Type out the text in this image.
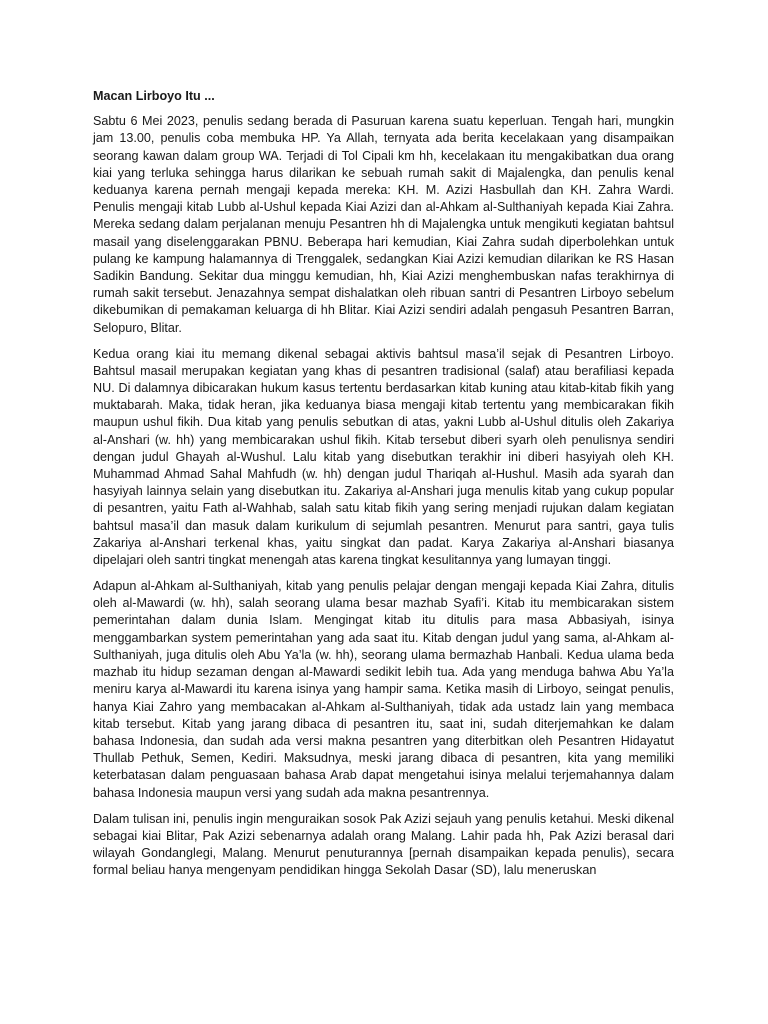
Macan Lirboyo Itu ...

Sabtu 6 Mei 2023, penulis sedang berada di Pasuruan karena suatu keperluan. Tengah hari, mungkin jam 13.00, penulis coba membuka HP. Ya Allah, ternyata ada berita kecelakaan yang disampaikan seorang kawan dalam group WA. Terjadi di Tol Cipali km hh, kecelakaan itu mengakibatkan dua orang kiai yang terluka sehingga harus dilarikan ke sebuah rumah sakit di Majalengka, dan penulis kenal keduanya karena pernah mengaji kepada mereka: KH. M. Azizi Hasbullah dan KH. Zahra Wardi. Penulis mengaji kitab Lubb al-Ushul kepada Kiai Azizi dan al-Ahkam al-Sulthaniyah kepada Kiai Zahra. Mereka sedang dalam perjalanan menuju Pesantren hh di Majalengka untuk mengikuti kegiatan bahtsul masail yang diselenggarakan PBNU. Beberapa hari kemudian, Kiai Zahra sudah diperbolehkan untuk pulang ke kampung halamannya di Trenggalek, sedangkan Kiai Azizi kemudian dilarikan ke RS Hasan Sadikin Bandung. Sekitar dua minggu kemudian, hh, Kiai Azizi menghembuskan nafas terakhirnya di rumah sakit tersebut. Jenazahnya sempat dishalatkan oleh ribuan santri di Pesantren Lirboyo sebelum dikebumikan di pemakaman keluarga di hh Blitar. Kiai Azizi sendiri adalah pengasuh Pesantren Barran, Selopuro, Blitar.

Kedua orang kiai itu memang dikenal sebagai aktivis bahtsul masa’il sejak di Pesantren Lirboyo. Bahtsul masail merupakan kegiatan yang khas di pesantren tradisional (salaf) atau berafiliasi kepada NU. Di dalamnya dibicarakan hukum kasus tertentu berdasarkan kitab kuning atau kitab-kitab fikih yang muktabarah. Maka, tidak heran, jika keduanya biasa mengaji kitab tertentu yang membicarakan fikih maupun ushul fikih. Dua kitab yang penulis sebutkan di atas, yakni Lubb al-Ushul ditulis oleh Zakariya al-Anshari (w. hh) yang membicarakan ushul fikih. Kitab tersebut diberi syarh oleh penulisnya sendiri dengan judul Ghayah al-Wushul. Lalu kitab yang disebutkan terakhir ini diberi hasyiyah oleh KH. Muhammad Ahmad Sahal Mahfudh (w. hh) dengan judul Thariqah al-Hushul. Masih ada syarah dan hasyiyah lainnya selain yang disebutkan itu. Zakariya al-Anshari juga menulis kitab yang cukup popular di pesantren, yaitu Fath al-Wahhab, salah satu kitab fikih yang sering menjadi rujukan dalam kegiatan bahtsul masa’il dan masuk dalam kurikulum di sejumlah pesantren. Menurut para santri, gaya tulis Zakariya al-Anshari terkenal khas, yaitu singkat dan padat. Karya Zakariya al-Anshari biasanya dipelajari oleh santri tingkat menengah atas karena tingkat kesulitannya yang lumayan tinggi.

Adapun al-Ahkam al-Sulthaniyah, kitab yang penulis pelajar dengan mengaji kepada Kiai Zahra, ditulis oleh al-Mawardi (w. hh), salah seorang ulama besar mazhab Syafi’i. Kitab itu membicarakan sistem pemerintahan dalam dunia Islam. Mengingat kitab itu ditulis para masa Abbasiyah, isinya menggambarkan system pemerintahan yang ada saat itu. Kitab dengan judul yang sama, al-Ahkam al-Sulthaniyah, juga ditulis oleh Abu Ya’la (w. hh), seorang ulama bermazhab Hanbali. Kedua ulama beda mazhab itu hidup sezaman dengan al-Mawardi sedikit lebih tua. Ada yang menduga bahwa Abu Ya’la meniru karya al-Mawardi itu karena isinya yang hampir sama. Ketika masih di Lirboyo, seingat penulis, hanya Kiai Zahro yang membacakan al-Ahkam al-Sulthaniyah, tidak ada ustadz lain yang membaca kitab tersebut. Kitab yang jarang dibaca di pesantren itu, saat ini, sudah diterjemahkan ke dalam bahasa Indonesia, dan sudah ada versi makna pesantren yang diterbitkan oleh Pesantren Hidayatut Thullab Pethuk, Semen, Kediri. Maksudnya, meski jarang dibaca di pesantren, kita yang memiliki keterbatasan dalam penguasaan bahasa Arab dapat mengetahui isinya melalui terjemahannya dalam bahasa Indonesia maupun versi yang sudah ada makna pesantrennya.

Dalam tulisan ini, penulis ingin menguraikan sosok Pak Azizi sejauh yang penulis ketahui. Meski dikenal sebagai kiai Blitar, Pak Azizi sebenarnya adalah orang Malang. Lahir pada hh, Pak Azizi berasal dari wilayah Gondanglegi, Malang. Menurut penuturannya [pernah disampaikan kepada penulis), secara formal beliau hanya mengenyam pendidikan hingga Sekolah Dasar (SD), lalu meneruskan
